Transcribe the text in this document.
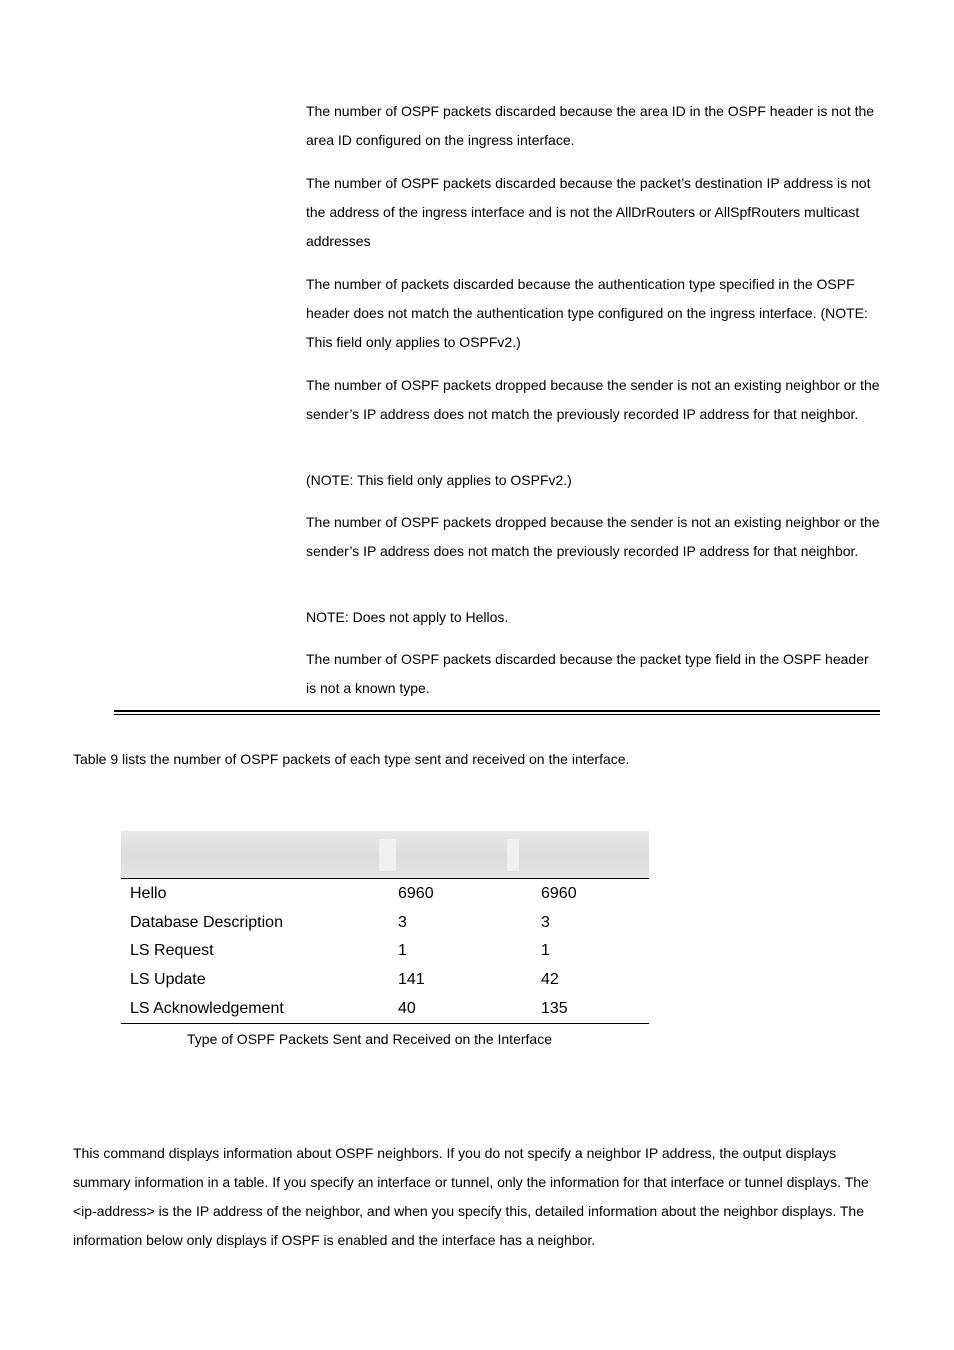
The number of OSPF packets discarded because the area ID in the OSPF header is not the area ID configured on the ingress interface.

The number of OSPF packets discarded because the packet’s destination IP address is not the address of the ingress interface and is not the AllDrRouters or AllSpfRouters multicast addresses

The number of packets discarded because the authentication type specified in the OSPF header does not match the authentication type configured on the ingress interface. (NOTE: This field only applies to OSPFv2.)

The number of OSPF packets dropped because the sender is not an existing neighbor or the sender’s IP address does not match the previously recorded IP address for that neighbor.

(NOTE: This field only applies to OSPFv2.)

The number of OSPF packets dropped because the sender is not an existing neighbor or the sender’s IP address does not match the previously recorded IP address for that neighbor.

NOTE: Does not apply to Hellos.

The number of OSPF packets discarded because the packet type field in the OSPF header is not a known type.

Table 9 lists the number of OSPF packets of each type sent and received on the interface.

Hello	6960	6960
Database Description	3	3
LS Request	1	1
LS Update	141	42
LS Acknowledgement	40	135

Type of OSPF Packets Sent and Received on the Interface

This command displays information about OSPF neighbors. If you do not specify a neighbor IP address, the output displays summary information in a table. If you specify an interface or tunnel, only the information for that interface or tunnel displays. The <ip-address> is the IP address of the neighbor, and when you specify this, detailed information about the neighbor displays. The information below only displays if OSPF is enabled and the interface has a neighbor.
